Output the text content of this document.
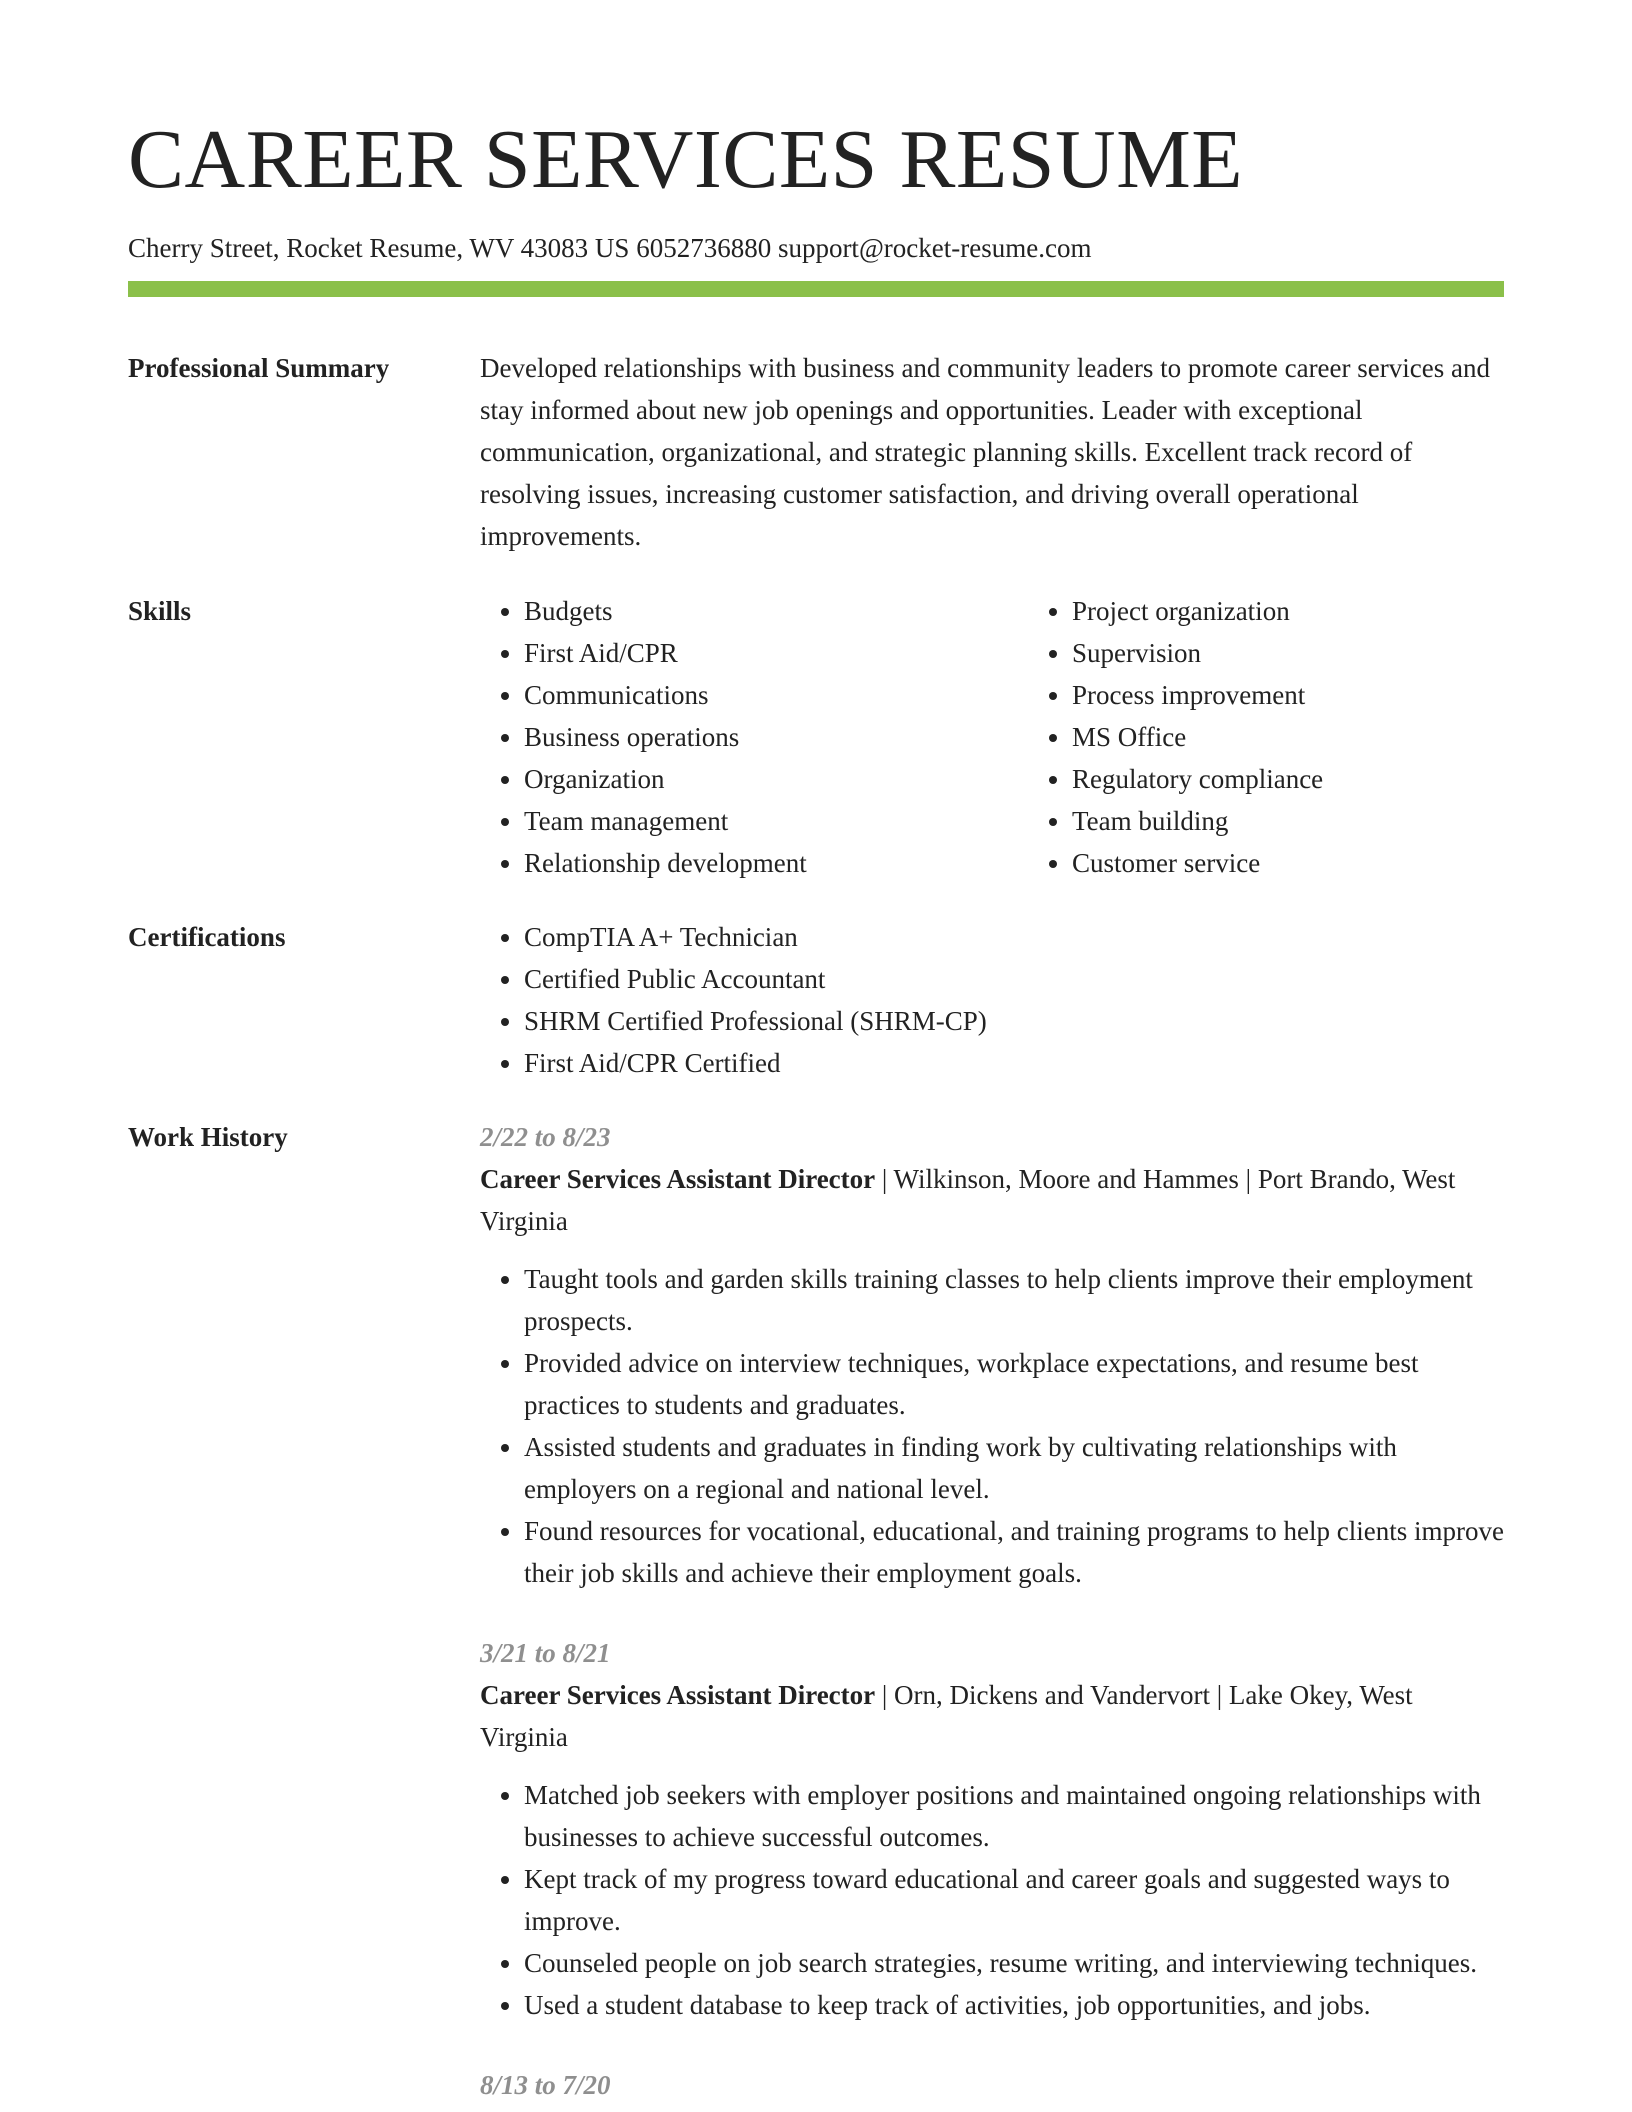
CAREER SERVICES RESUME
Cherry Street, Rocket Resume, WV 43083 US 6052736880 support@rocket-resume.com
Professional Summary	Developed relationships with business and community leaders to promote career services and stay informed about new job openings and opportunities. Leader with exceptional communication, organizational, and strategic planning skills. Excellent track record of resolving issues, increasing customer satisfaction, and driving overall operational improvements.
Skills	• Budgets
• First Aid/CPR
• Communications
• Business operations
• Organization
• Team management
• Relationship development
• Project organization
• Supervision
• Process improvement
• MS Office
• Regulatory compliance
• Team building
• Customer service
Certifications	• CompTIA A+ Technician
• Certified Public Accountant
• SHRM Certified Professional (SHRM-CP)
• First Aid/CPR Certified
Work History	2/22 to 8/23
Career Services Assistant Director | Wilkinson, Moore and Hammes | Port Brando, West Virginia
• Taught tools and garden skills training classes to help clients improve their employment prospects.
• Provided advice on interview techniques, workplace expectations, and resume best practices to students and graduates.
• Assisted students and graduates in finding work by cultivating relationships with employers on a regional and national level.
• Found resources for vocational, educational, and training programs to help clients improve their job skills and achieve their employment goals.
3/21 to 8/21
Career Services Assistant Director | Orn, Dickens and Vandervort | Lake Okey, West Virginia
• Matched job seekers with employer positions and maintained ongoing relationships with businesses to achieve successful outcomes.
• Kept track of my progress toward educational and career goals and suggested ways to improve.
• Counseled people on job search strategies, resume writing, and interviewing techniques.
• Used a student database to keep track of activities, job opportunities, and jobs.
8/13 to 7/20
